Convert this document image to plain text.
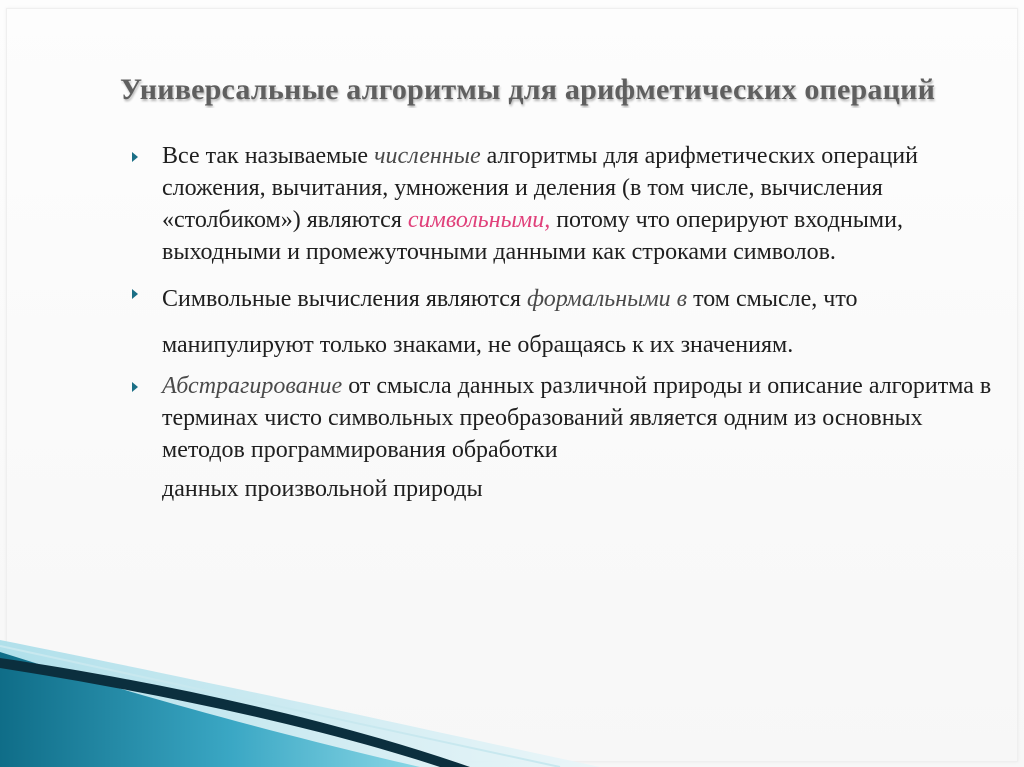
Универсальные алгоритмы для арифметических операций
Все так называемые численные алгоритмы для арифметических операций сложения, вычитания, умножения и деления (в том числе, вычисления «столбиком») являются символьными, потому что оперируют входными, выходными и промежуточными данными как строками символов.
Символьные вычисления являются формальными в том смысле, что манипулируют только знаками, не обращаясь к их значениям.
Абстрагирование от смысла данных различной природы и описание алгоритма в терминах чисто символьных преобразований является одним из основных методов программирования обработки
данных произвольной природы
